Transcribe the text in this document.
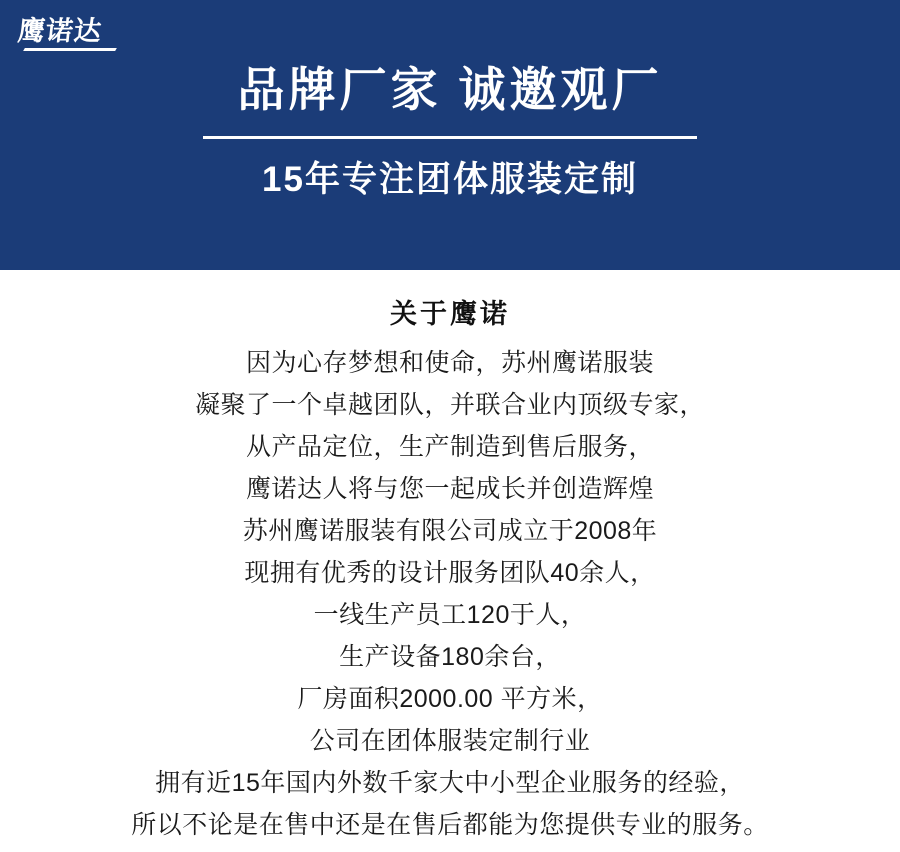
鹰诺达
品牌厂家 诚邀观厂
15年专注团体服装定制
关于鹰诺
因为心存梦想和使命，苏州鹰诺服装
凝聚了一个卓越团队，并联合业内顶级专家，
从产品定位，生产制造到售后服务，
鹰诺达人将与您一起成长并创造辉煌
苏州鹰诺服装有限公司成立于2008年
现拥有优秀的设计服务团队40余人，
一线生产员工120于人，
生产设备180余台，
厂房面积2000.00 平方米，
公司在团体服装定制行业
拥有近15年国内外数千家大中小型企业服务的经验，
所以不论是在售中还是在售后都能为您提供专业的服务。
